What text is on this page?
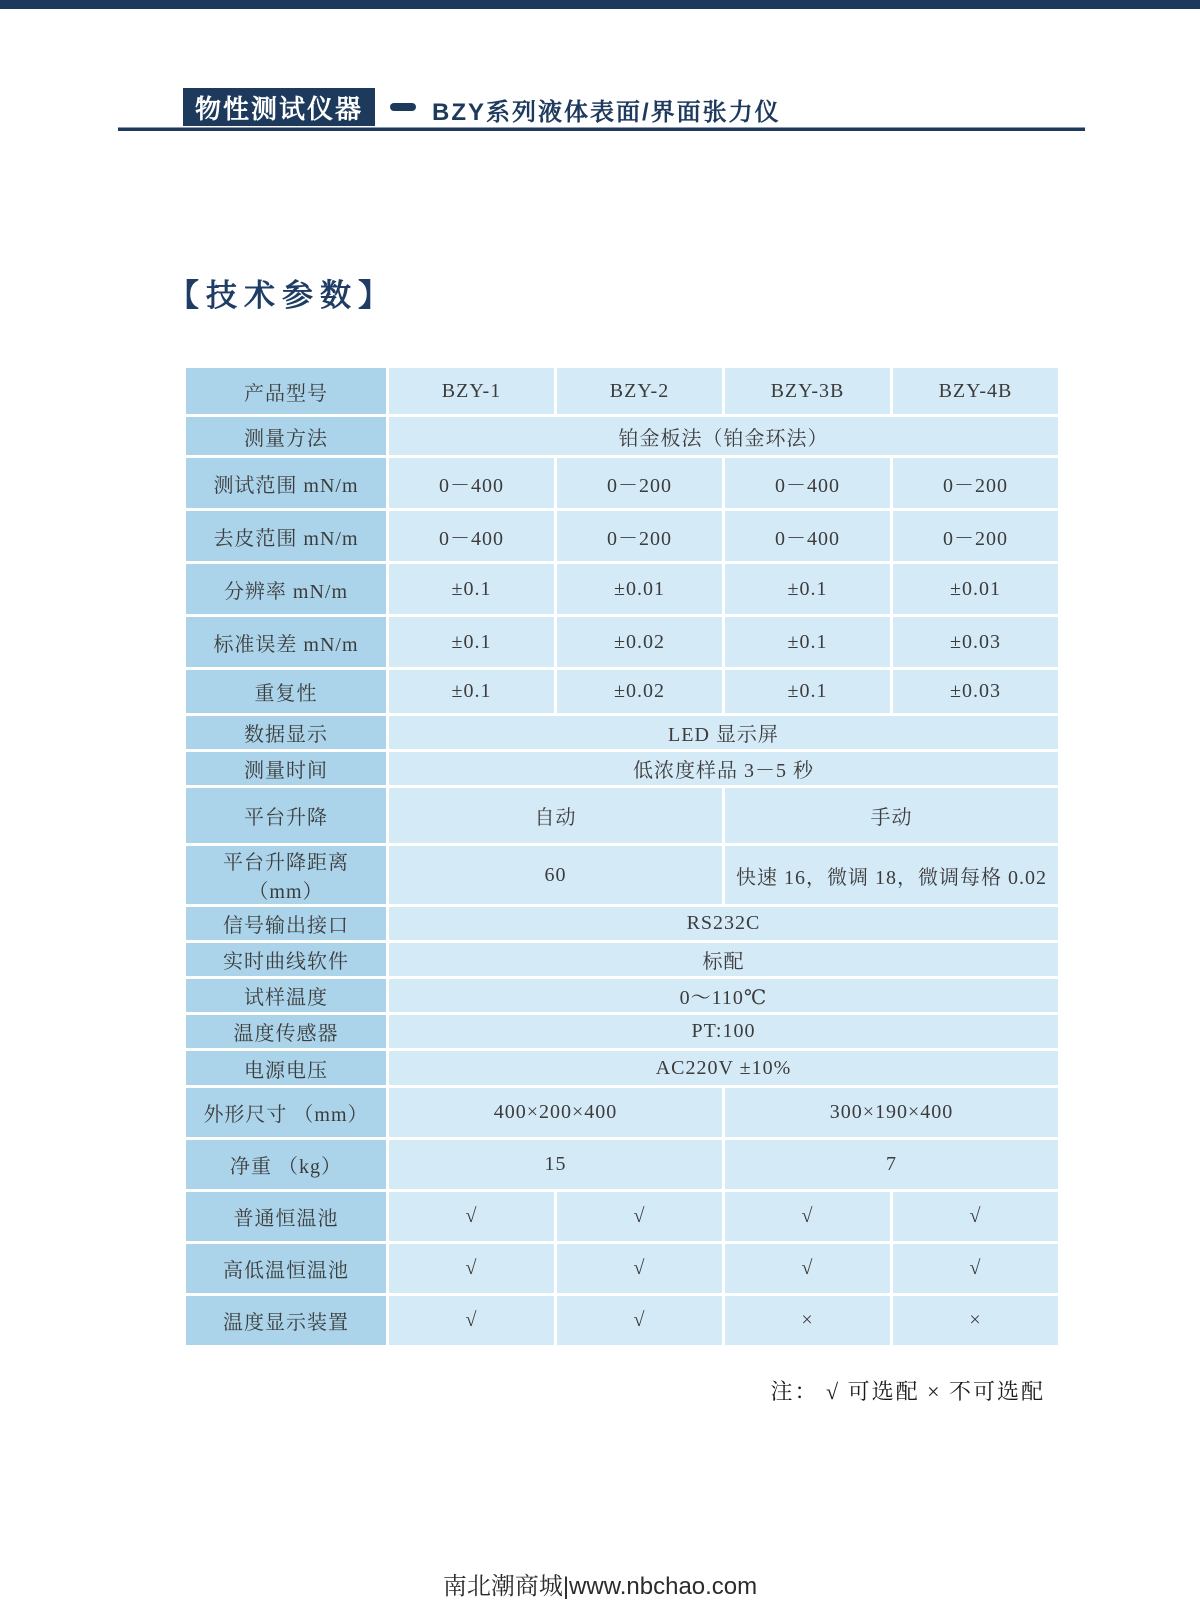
物性测试仪器	BZY系列液体表面/界面张力仪
【技术参数】
产品型号	BZY-1	BZY-2	BZY-3B	BZY-4B
测量方法	铂金板法（铂金环法）			
测试范围 mN/m	0－400	0－200	0－400	0－200
去皮范围 mN/m	0－400	0－200	0－400	0－200
分辨率 mN/m	±0.1	±0.01	±0.1	±0.01
标准误差 mN/m	±0.1	±0.02	±0.1	±0.03
重复性	±0.1	±0.02	±0.1	±0.03
数据显示	LED 显示屏			
测量时间	低浓度样品 3－5 秒			
平台升降	自动		手动	
平台升降距离 （mm）	60		快速 16，微调 18，微调每格 0.02	
信号输出接口	RS232C			
实时曲线软件	标配			
试样温度	0～110℃			
温度传感器	PT:100			
电源电压	AC220V ±10%			
外形尺寸 （mm）	400×200×400		300×190×400	
净重 （kg）	15		7	
普通恒温池	√	√	√	√
高低温恒温池	√	√	√	√
温度显示装置	√	√	×	×
注： √ 可选配 × 不可选配
南北潮商城|www.nbchao.com
